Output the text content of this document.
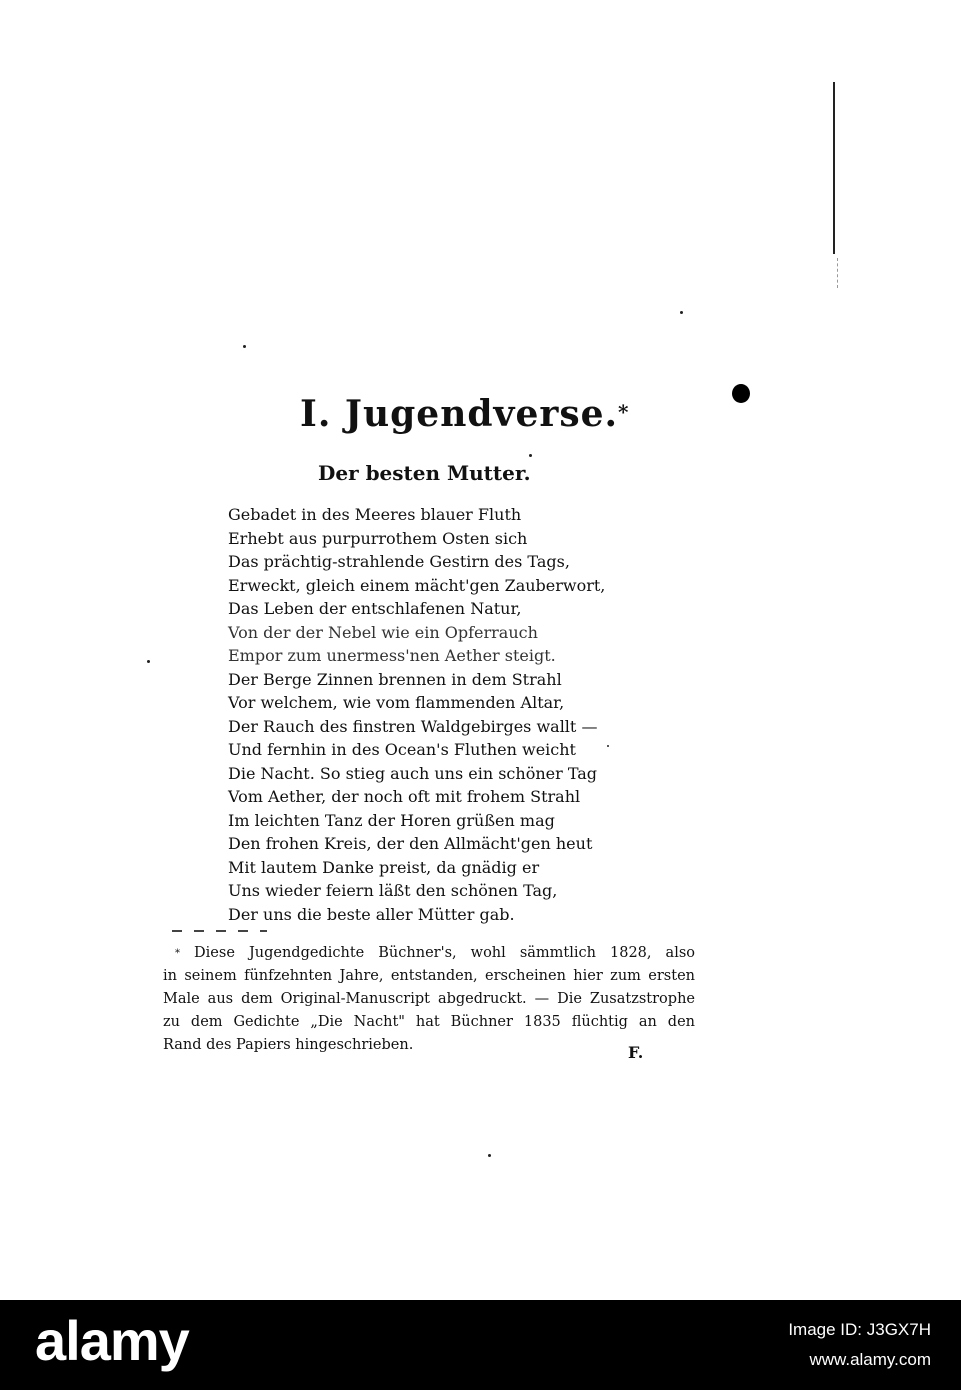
I. Jugendverse.*
Der besten Mutter.
Gebadet in des Meeres blauer Fluth
Erhebt aus purpurrothem Osten sich
Das prächtig-strahlende Gestirn des Tags,
Erweckt, gleich einem mächt'gen Zauberwort,
Das Leben der entschlafenen Natur,
Von der der Nebel wie ein Opferrauch
Empor zum unermess'nen Aether steigt.
Der Berge Zinnen brennen in dem Strahl
Vor welchem, wie vom flammenden Altar,
Der Rauch des finstren Waldgebirges wallt —
Und fernhin in des Ocean's Fluthen weicht
Die Nacht. So stieg auch uns ein schöner Tag
Vom Aether, der noch oft mit frohem Strahl
Im leichten Tanz der Horen grüßen mag
Den frohen Kreis, der den Allmächt'gen heut
Mit lautem Danke preist, da gnädig er
Uns wieder feiern läßt den schönen Tag,
Der uns die beste aller Mütter gab.
* Diese Jugendgedichte Büchner's, wohl sämmtlich 1828, also
in seinem fünfzehnten Jahre, entstanden, erscheinen hier zum ersten
Male aus dem Original-Manuscript abgedruckt. — Die Zusatzstrophe
zu dem Gedichte „Die Nacht" hat Büchner 1835 flüchtig an den
Rand des Papiers hingeschrieben.	F.
alamy	Image ID: J3GX7H
www.alamy.com
